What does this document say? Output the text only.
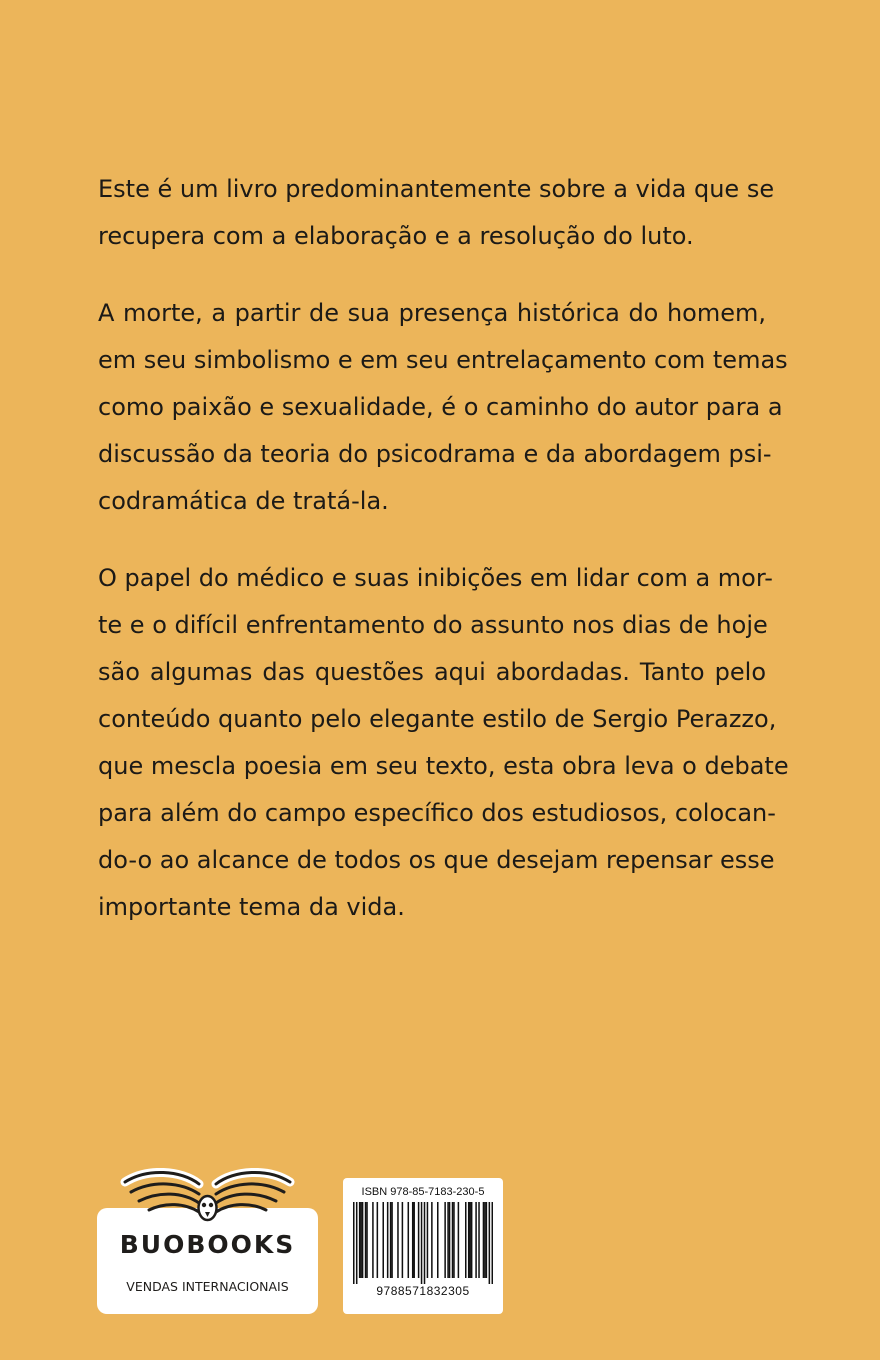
Este é um livro predominantemente sobre a vida que se
recupera com a elaboração e a resolução do luto.

A morte, a partir de sua presença histórica do homem,
em seu simbolismo e em seu entrelaçamento com temas
como paixão e sexualidade, é o caminho do autor para a
discussão da teoria do psicodrama e da abordagem psi-
codramática de tratá-la.

O papel do médico e suas inibições em lidar com a mor-
te e o difícil enfrentamento do assunto nos dias de hoje
são algumas das questões aqui abordadas. Tanto pelo
conteúdo quanto pelo elegante estilo de Sergio Perazzo,
que mescla poesia em seu texto, esta obra leva o debate
para além do campo específico dos estudiosos, colocan-
do-o ao alcance de todos os que desejam repensar esse
importante tema da vida.

BUOBOOKS
VENDAS INTERNACIONAIS
ISBN 978-85-7183-230-5
9788571832305
